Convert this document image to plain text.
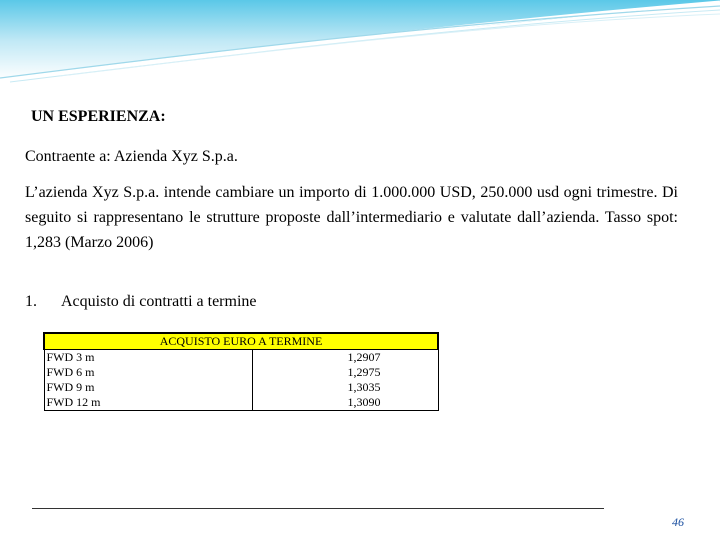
UN ESPERIENZA:
Contraente a: Azienda Xyz S.p.a.
L’azienda Xyz S.p.a. intende cambiare un importo di 1.000.000 USD, 250.000 usd ogni trimestre. Di seguito si rappresentano le strutture proposte dall’intermediario e valutate dall’azienda. Tasso spot: 1,283 (Marzo 2006)
1. Acquisto di contratti a termine
ACQUISTO EURO A TERMINE	
FWD 3 m	1,2907
FWD 6 m	1,2975
FWD 9 m	1,3035
FWD 12 m	1,3090
46
